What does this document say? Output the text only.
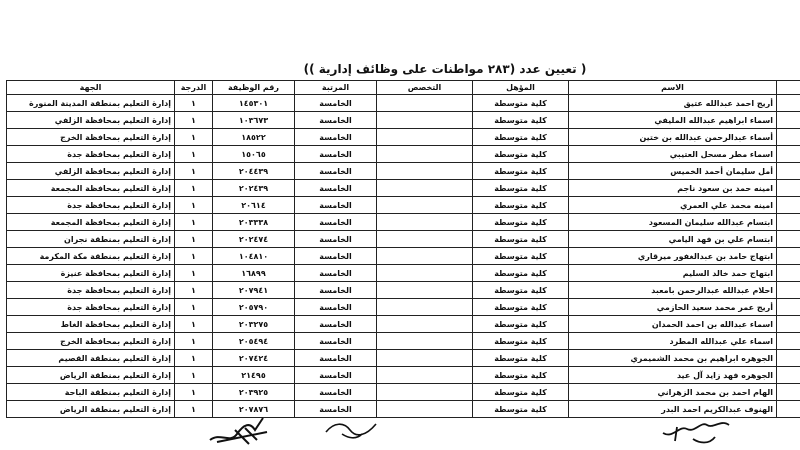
( تعيين عدد (٢٨٣ مواطنات على وظائف إدارية ))
	الاسم	المؤهل	التخصص	المرتبة	رقم الوظيفة	الدرجة	الجهة
	أريج احمد عبدالله عتيق	كلية متوسطة		الخامسة	١٤٥٣٠١	١	إدارة التعليم بمنطقة المدينة المنورة
	اسماء ابراهيم عبدالله المليفي	كلية متوسطة		الخامسة	١٠٣٦٧٣	١	إدارة التعليم بمحافظة الزلفي
	أسماء عبدالرحمن عبدالله بن ختين	كلية متوسطة		الخامسة	١٨٥٢٢	١	إدارة التعليم بمحافظة الخرج
	اسماء مطر مسحل العتيبي	كلية متوسطة		الخامسة	١٥٠٦٥	١	إدارة التعليم بمحافظة جدة
	أمل سليمان أحمد الخميس	كلية متوسطة		الخامسة	٢٠٤٤٣٩	١	إدارة التعليم بمحافظة الزلفي
	امينه حمد بن سعود ناجم	كلية متوسطة		الخامسة	٢٠٢٤٣٩	١	إدارة التعليم بمحافظة المجمعة
	امينه محمد علي العمري	كلية متوسطة		الخامسة	٢٠٦١٤	١	إدارة التعليم بمحافظة جدة
	ابتسام عبدالله سليمان المسعود	كلية متوسطة		الخامسة	٢٠٣٣٣٨	١	إدارة التعليم بمحافظة المجمعة
	ابتسام علي بن فهد اليامي	كلية متوسطة		الخامسة	٢٠٢٤٧٤	١	إدارة التعليم بمنطقة نجران
	ابتهاج حامد بن عبدالغفور ميرقاري	كلية متوسطة		الخامسة	١٠٤٨١٠	١	إدارة التعليم بمنطقة مكة المكرمة
	ابتهاج حمد خالد السليم	كلية متوسطة		الخامسة	١٦٨٩٩	١	إدارة التعليم بمحافظة عنيزة
	احلام عبدالله عبدالرحمن بامعبد	كلية متوسطة		الخامسة	٢٠٧٩٤١	١	إدارة التعليم بمحافظة جدة
	أريج عمر محمد سعيد الحازمي	كلية متوسطة		الخامسة	٢٠٥٧٩٠	١	إدارة التعليم بمحافظة جدة
	اسماء عبدالله بن احمد الحمدان	كلية متوسطة		الخامسة	٢٠٣٢٧٥	١	إدارة التعليم بمحافظة الغاط
	اسماء علي عبدالله المطرد	كلية متوسطة		الخامسة	٢٠٥٤٩٤	١	إدارة التعليم بمحافظة الخرج
	الجوهره ابراهيم بن محمد الشميمري	كلية متوسطة		الخامسة	٢٠٧٤٢٤	١	إدارة التعليم بمنطقة القصيم
	الجوهره فهد زايد آل عيد	كلية متوسطة		الخامسة	٢١٤٩٥	١	إدارة التعليم بمنطقة الرياض
	الهام احمد بن محمد الزهراني	كلية متوسطة		الخامسة	٢٠٣٩٢٥	١	إدارة التعليم بمنطقة الباحة
	الهنوف عبدالكريم احمد البدر	كلية متوسطة		الخامسة	٢٠٧٨٧٦	١	إدارة التعليم بمنطقة الرياض
